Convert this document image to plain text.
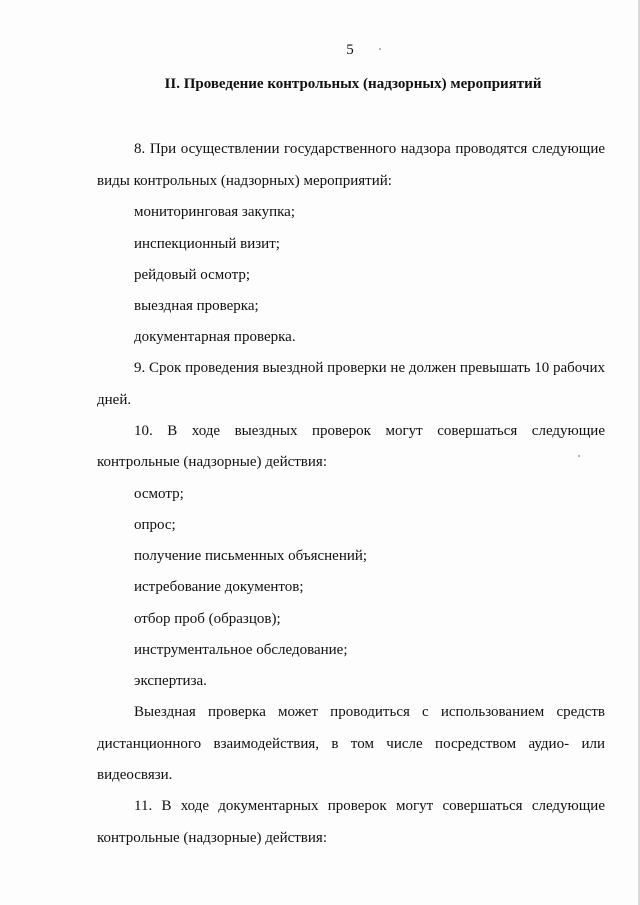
5
II. Проведение контрольных (надзорных) мероприятий
8. При осуществлении государственного надзора проводятся следующие
виды контрольных (надзорных) мероприятий:
мониторинговая закупка;
инспекционный визит;
рейдовый осмотр;
выездная проверка;
документарная проверка.
9. Срок проведения выездной проверки не должен превышать 10 рабочих
дней.
10. В ходе выездных проверок могут совершаться следующие
контрольные (надзорные) действия:
осмотр;
опрос;
получение письменных объяснений;
истребование документов;
отбор проб (образцов);
инструментальное обследование;
экспертиза.
Выездная проверка может проводиться с использованием средств
дистанционного взаимодействия, в том числе посредством аудио- или
видеосвязи.
11. В ходе документарных проверок могут совершаться следующие
контрольные (надзорные) действия:
